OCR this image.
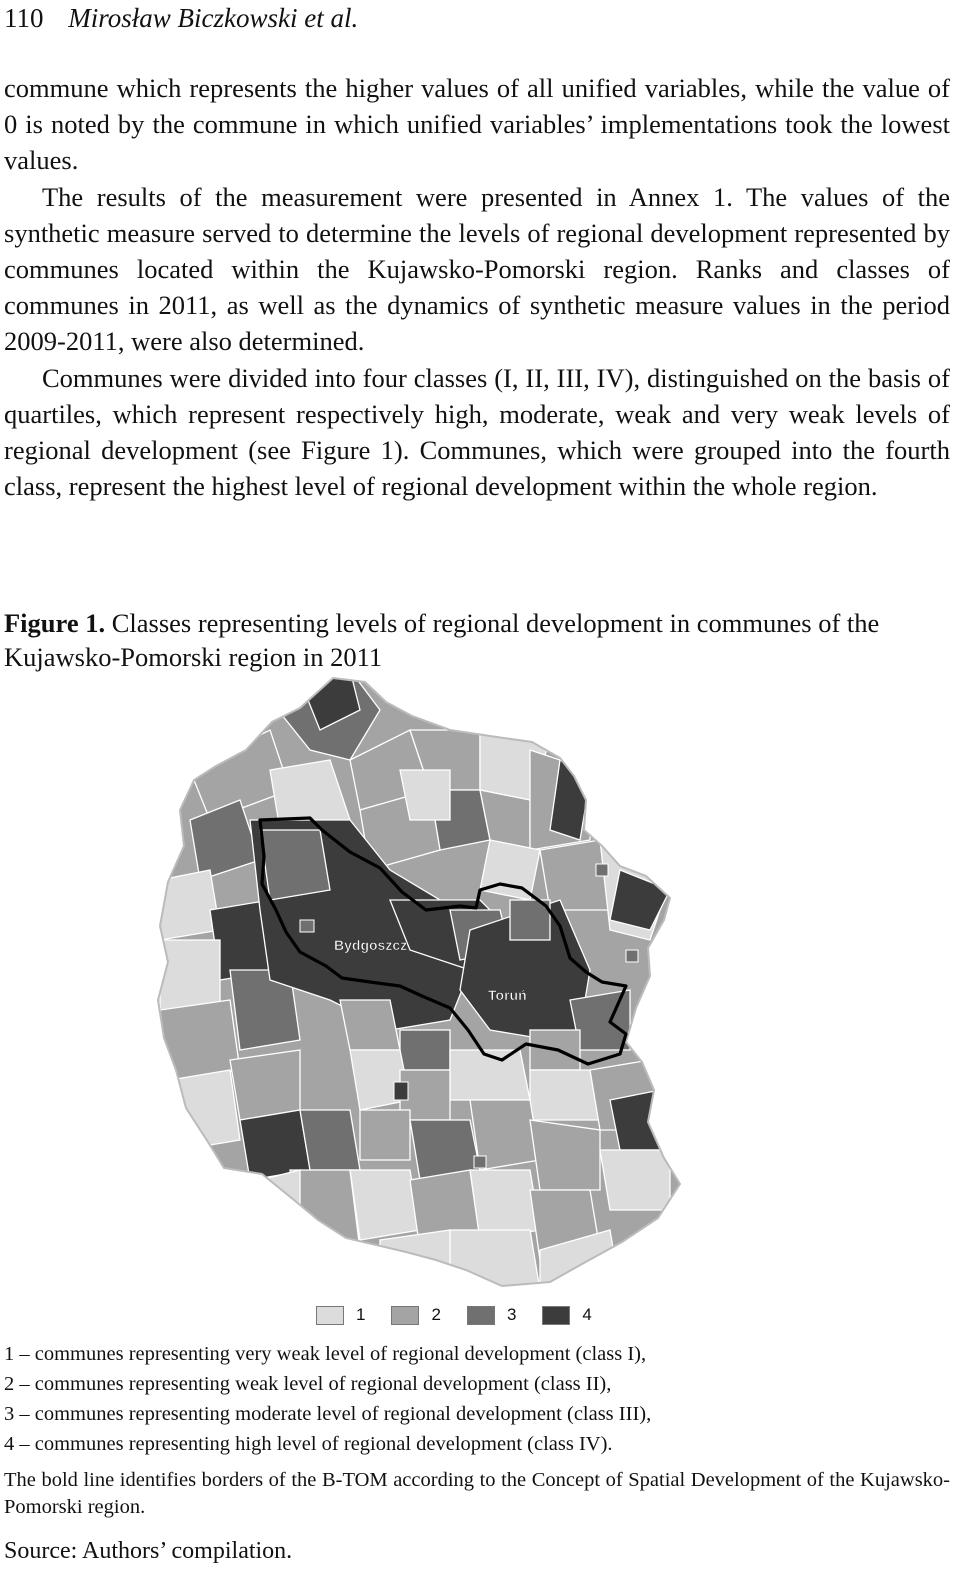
110 Mirosław Biczkowski et al.

commune which represents the higher values of all unified variables, while the value of 0 is noted by the commune in which unified variables’ implementations took the lowest values.

The results of the measurement were presented in Annex 1. The values of the synthetic measure served to determine the levels of regional development represented by communes located within the Kujawsko-Pomorski region. Ranks and classes of communes in 2011, as well as the dynamics of synthetic measure values in the period 2009-2011, were also determined.

Communes were divided into four classes (I, II, III, IV), distinguished on the basis of quartiles, which represent respectively high, moderate, weak and very weak levels of regional development (see Figure 1). Communes, which were grouped into the fourth class, represent the highest level of regional development within the whole region.

Figure 1. Classes representing levels of regional development in communes of the Kujawsko-Pomorski region in 2011
Bydgoszcz
Toruń
1	2	3	4

1 – communes representing very weak level of regional development (class I),

2 – communes representing weak level of regional development (class II),

3 – communes representing moderate level of regional development (class III),

4 – communes representing high level of regional development (class IV).

The bold line identifies borders of the B-TOM according to the Concept of Spatial Development of the Kujawsko-Pomorski region.
Source: Authors’ compilation.
